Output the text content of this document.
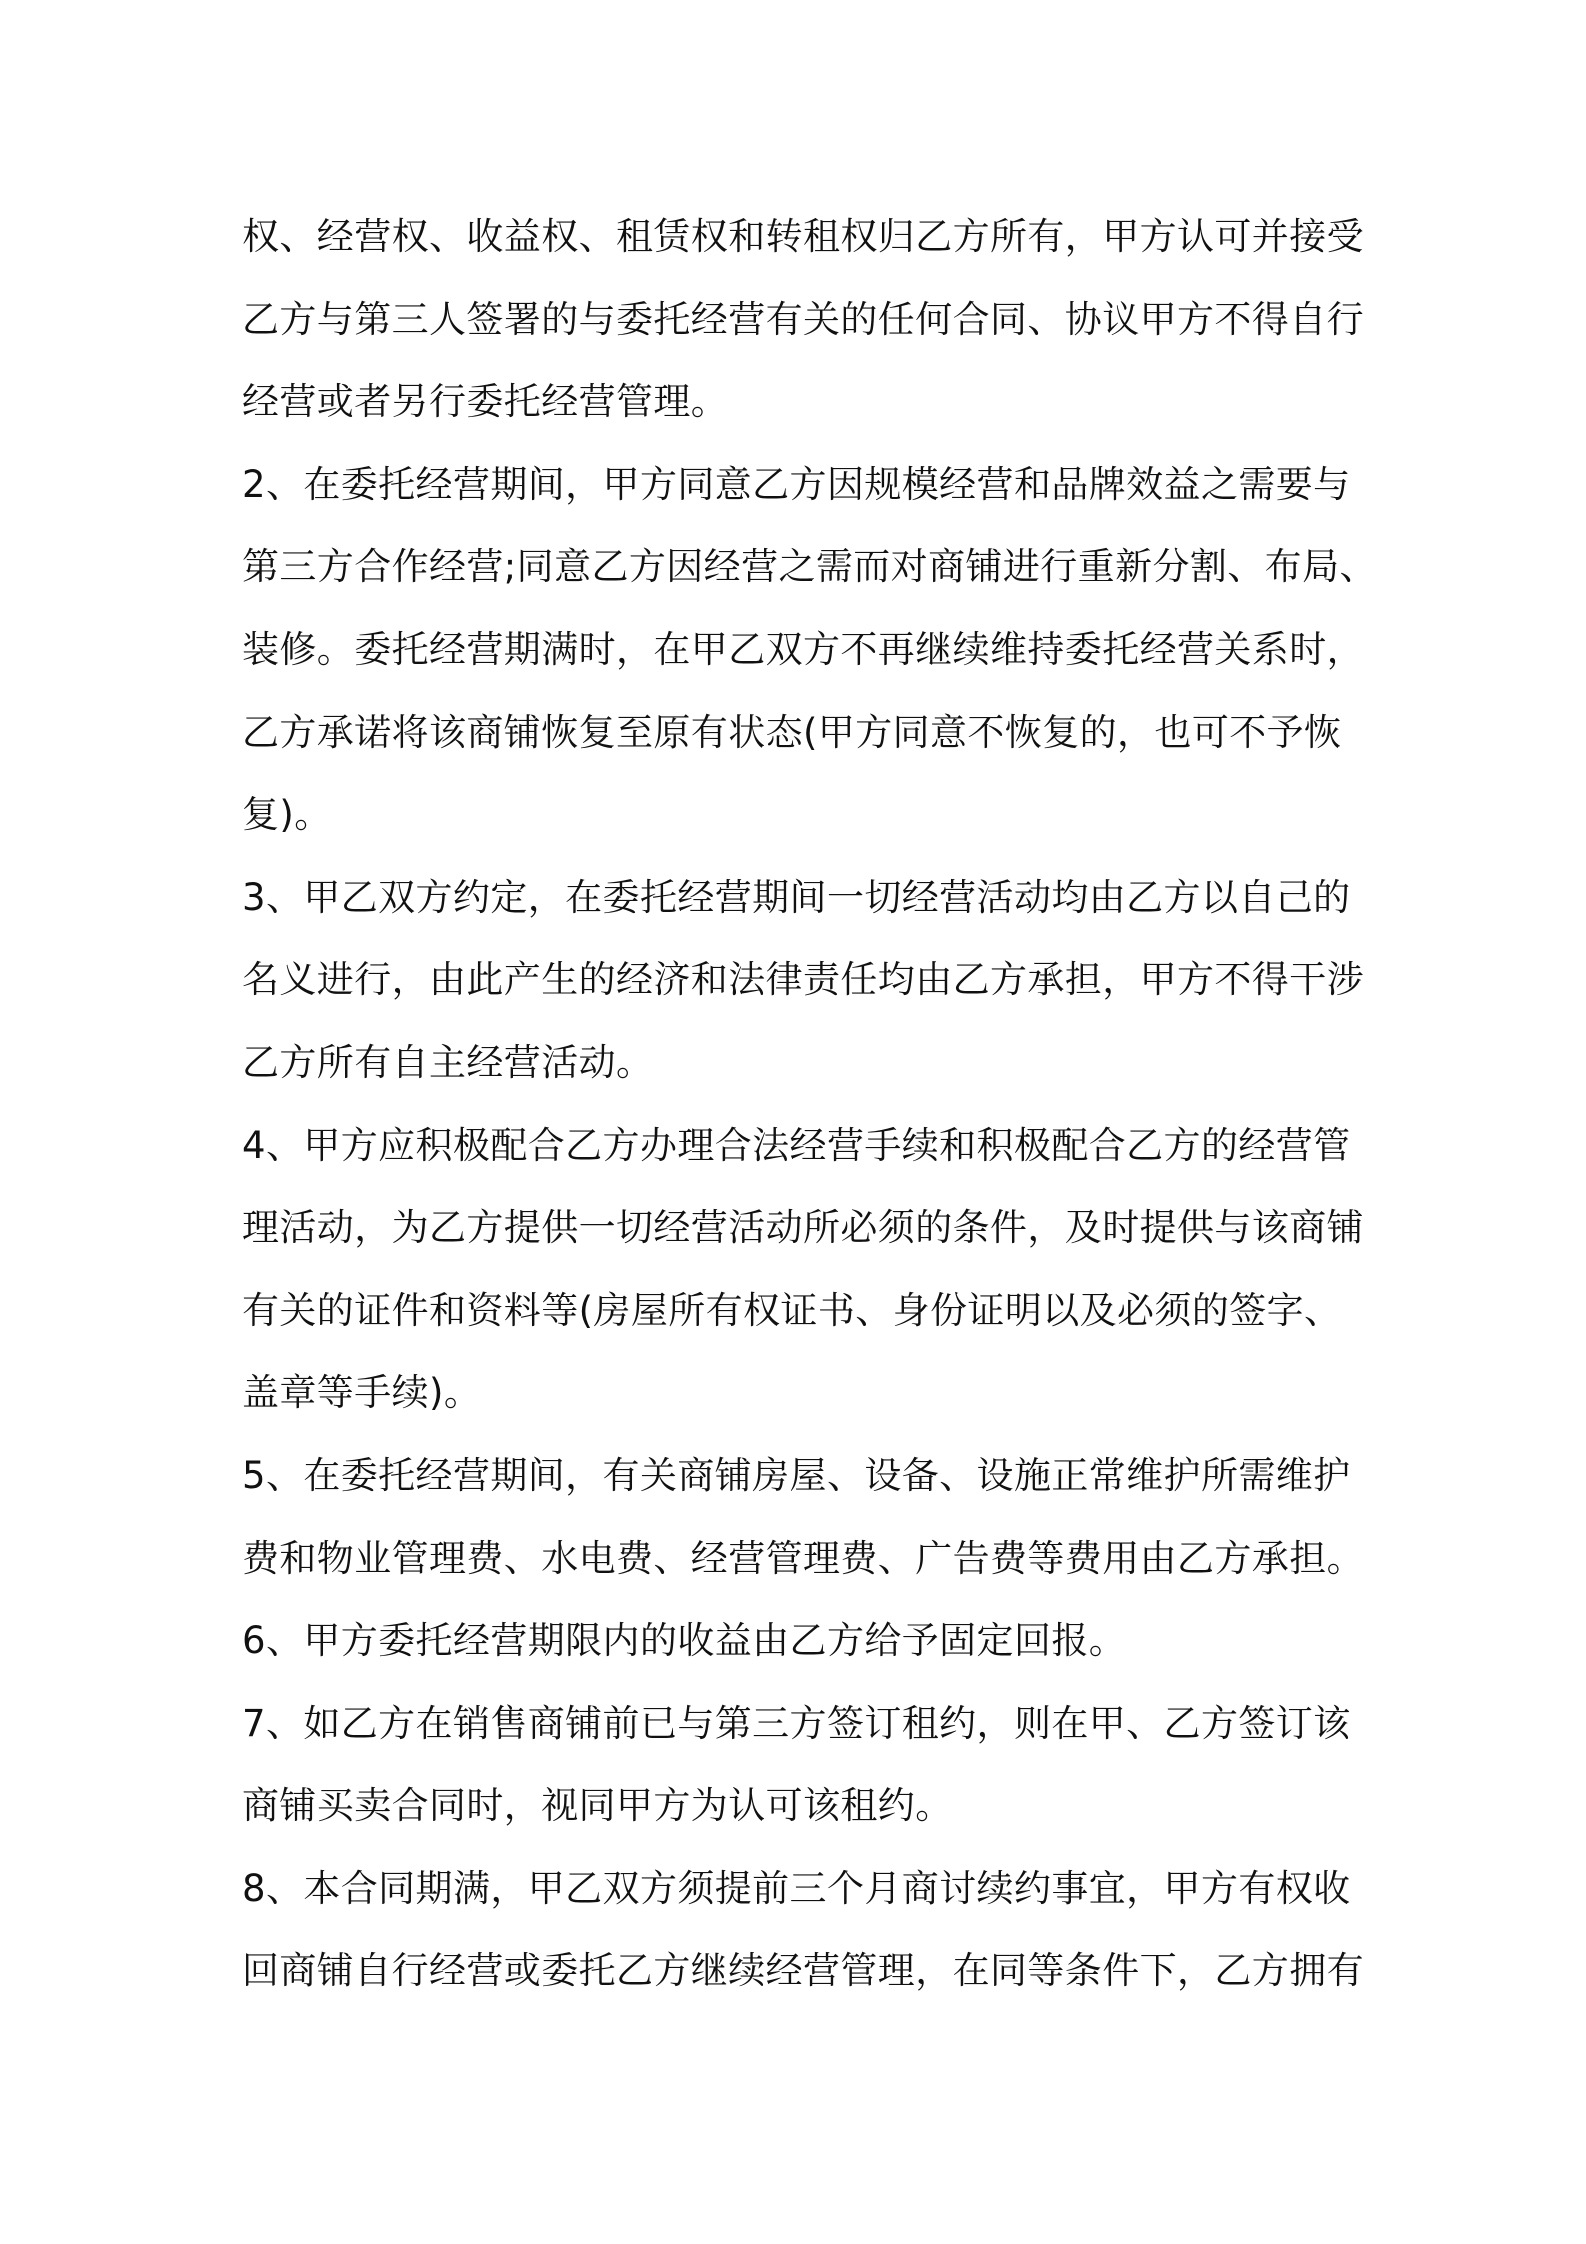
权、经营权、收益权、租赁权和转租权归乙方所有，甲方认可并接受
乙方与第三人签署的与委托经营有关的任何合同、协议甲方不得自行
经营或者另行委托经营管理。
2、在委托经营期间，甲方同意乙方因规模经营和品牌效益之需要与
第三方合作经营;同意乙方因经营之需而对商铺进行重新分割、布局、
装修。委托经营期满时，在甲乙双方不再继续维持委托经营关系时，
乙方承诺将该商铺恢复至原有状态(甲方同意不恢复的，也可不予恢
复)。
3、甲乙双方约定，在委托经营期间一切经营活动均由乙方以自己的
名义进行，由此产生的经济和法律责任均由乙方承担，甲方不得干涉
乙方所有自主经营活动。
4、甲方应积极配合乙方办理合法经营手续和积极配合乙方的经营管
理活动，为乙方提供一切经营活动所必须的条件，及时提供与该商铺
有关的证件和资料等(房屋所有权证书、身份证明以及必须的签字、
盖章等手续)。
5、在委托经营期间，有关商铺房屋、设备、设施正常维护所需维护
费和物业管理费、水电费、经营管理费、广告费等费用由乙方承担。
6、甲方委托经营期限内的收益由乙方给予固定回报。
7、如乙方在销售商铺前已与第三方签订租约，则在甲、乙方签订该
商铺买卖合同时，视同甲方为认可该租约。
8、本合同期满，甲乙双方须提前三个月商讨续约事宜，甲方有权收
回商铺自行经营或委托乙方继续经营管理，在同等条件下，乙方拥有
